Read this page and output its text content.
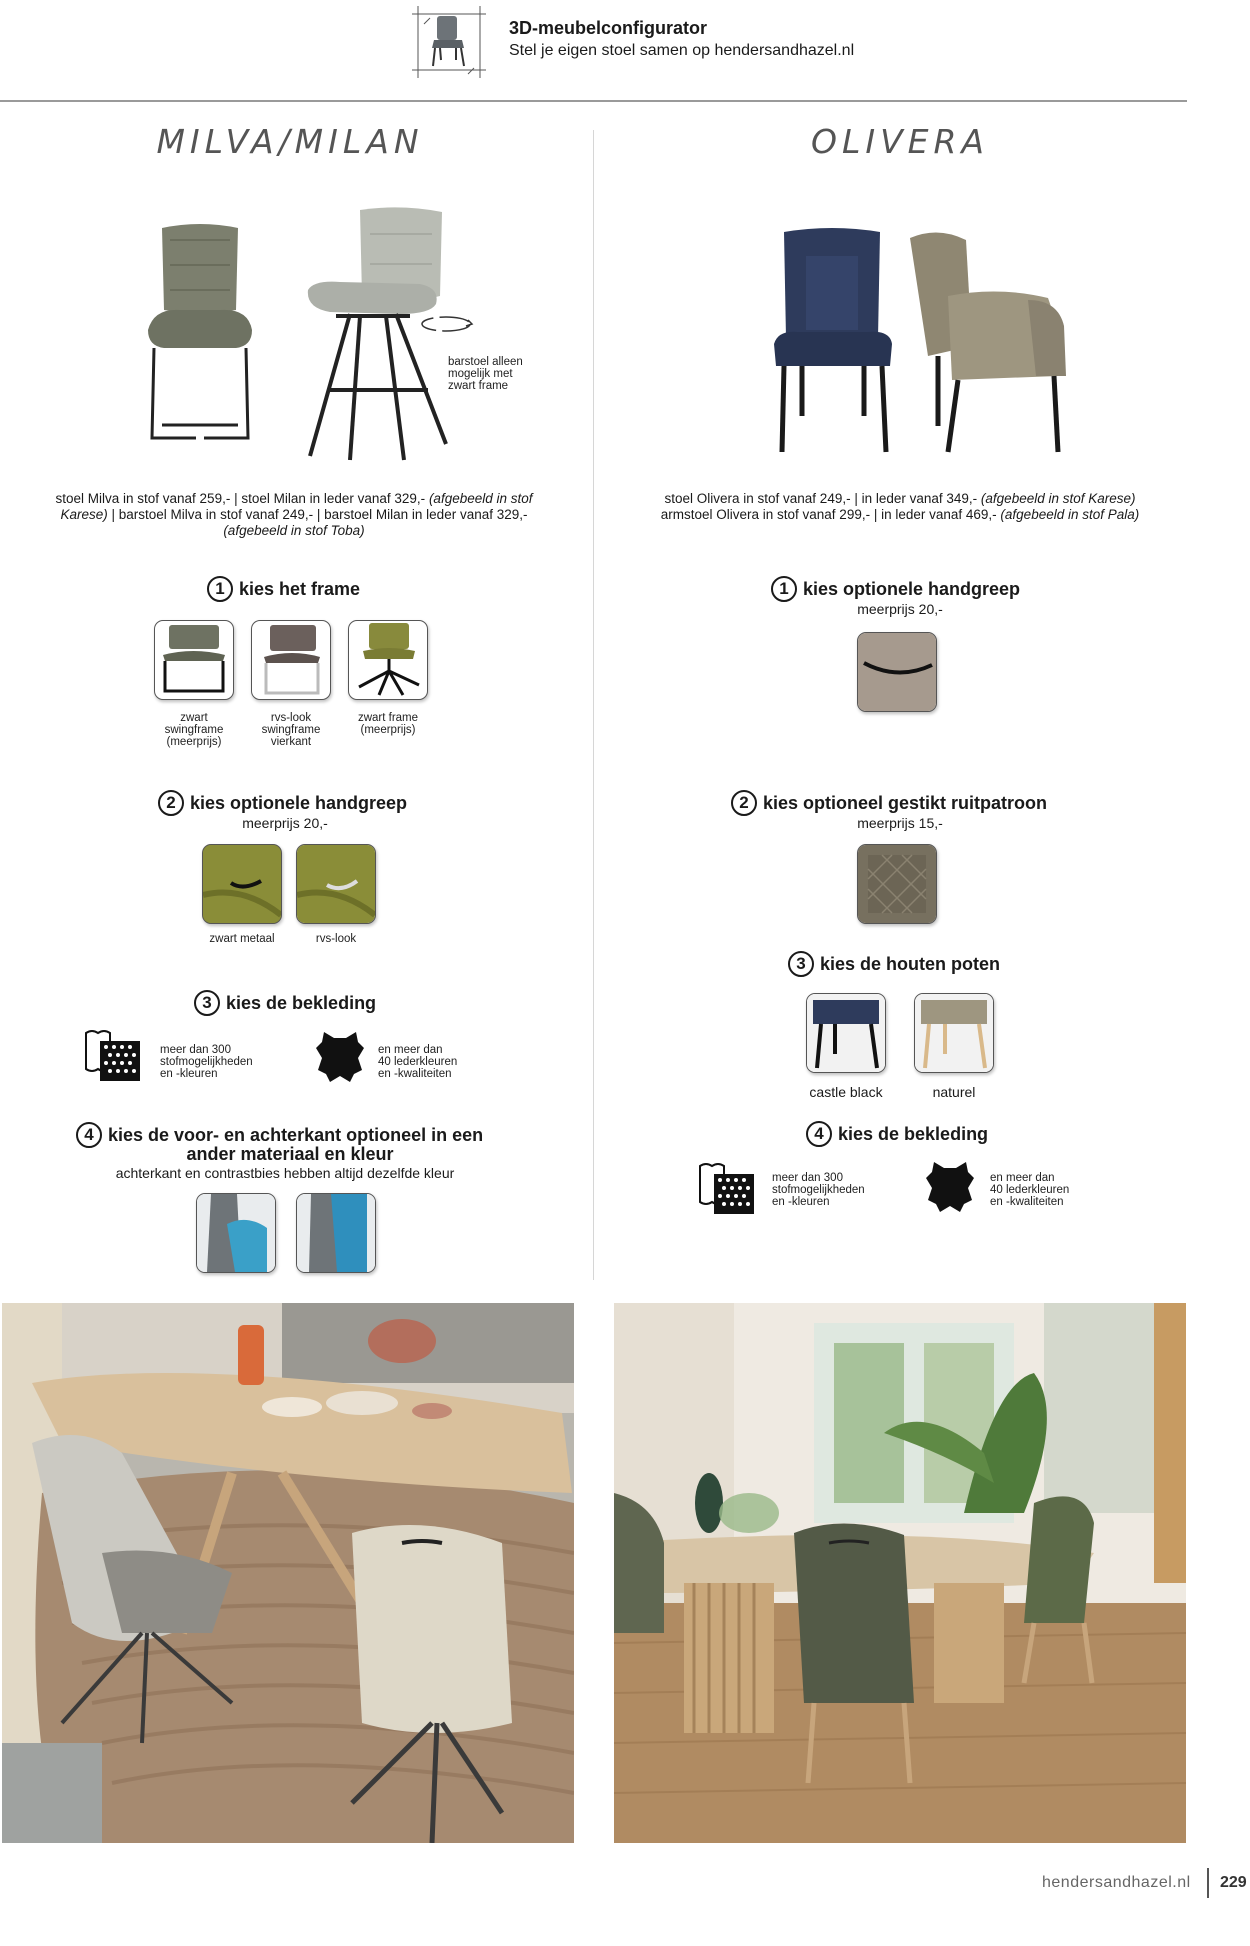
3D-meubelconfigurator
Stel je eigen stoel samen op hendersandhazel.nl
MILVA/MILAN
barstoel alleen
mogelijk met
zwart frame
stoel Milva in stof vanaf 259,- | stoel Milan in leder vanaf 329,- (afgebeeld in stof
Karese) | barstoel Milva in stof vanaf 249,- | barstoel Milan in leder vanaf 329,-
(afgebeeld in stof Toba)
1 kies het frame
zwart
swingframe
(meerprijs)
rvs-look
swingframe
vierkant
zwart frame
(meerprijs)
2 kies optionele handgreep
meerprijs 20,-
zwart metaal	rvs-look
3 kies de bekleding
meer dan 300
stofmogelijkheden
en -kleuren
en meer dan
40 lederkleuren
en -kwaliteiten
4 kies de voor- en achterkant optioneel in een
ander materiaal en kleur
achterkant en contrastbies hebben altijd dezelfde kleur
OLIVERA
stoel Olivera in stof vanaf 249,- | in leder vanaf 349,- (afgebeeld in stof Karese)
armstoel Olivera in stof vanaf 299,- | in leder vanaf 469,- (afgebeeld in stof Pala)
1 kies optionele handgreep
meerprijs 20,-
2 kies optioneel gestikt ruitpatroon
meerprijs 15,-
3 kies de houten poten
castle black	naturel
4 kies de bekleding
meer dan 300
stofmogelijkheden
en -kleuren
en meer dan
40 lederkleuren
en -kwaliteiten
hendersandhazel.nl 229
